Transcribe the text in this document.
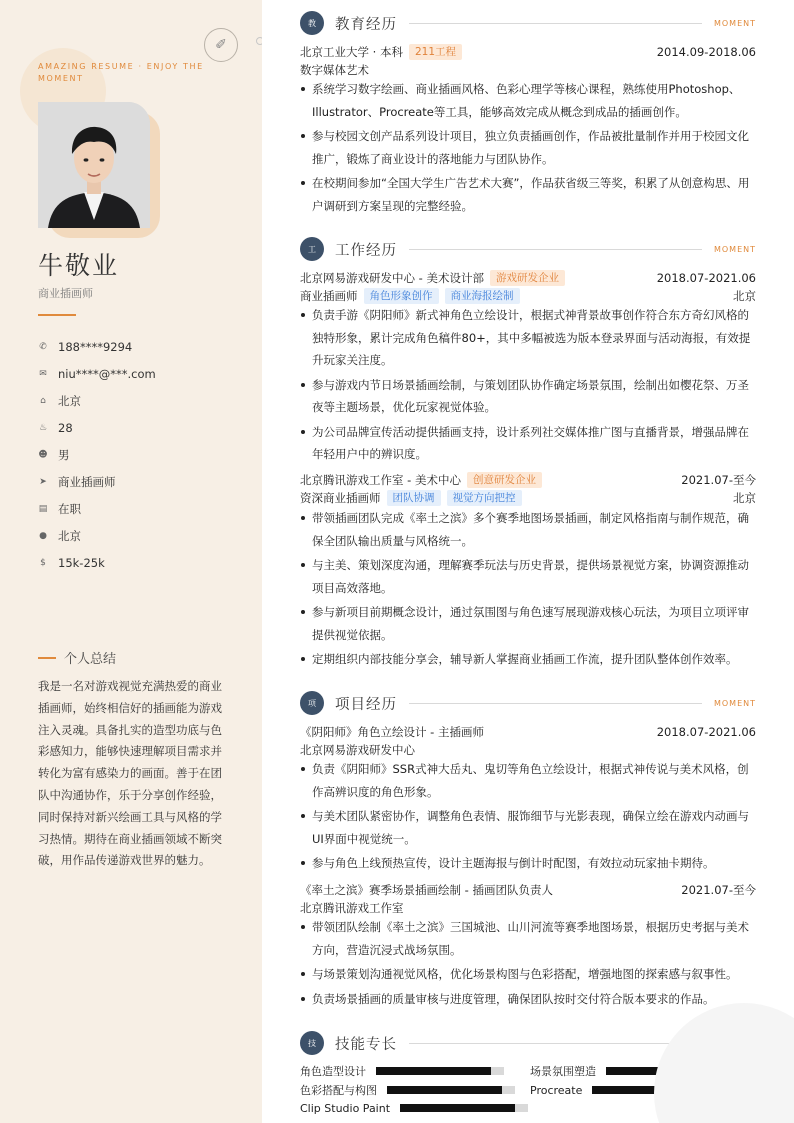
✐
AMAZING RESUME · ENJOY THE MOMENT
牛敬业
商业插画师
✆ 188****9294
✉ niu****@***.com
⌂ 北京
♨ 28
☻ 男
➤ 商业插画师
▤ 在职
● 北京
$ 15k-25k
个人总结
我是一名对游戏视觉充满热爱的商业插画师，始终相信好的插画能为游戏注入灵魂。具备扎实的造型功底与色彩感知力，能够快速理解项目需求并转化为富有感染力的画面。善于在团队中沟通协作，乐于分享创作经验，同时保持对新兴绘画工具与风格的学习热情。期待在商业插画领域不断突破，用作品传递游戏世界的魅力。
教	教育经历	MOMENT
北京工业大学 · 本科	211工程	2014.09-2018.06
数字媒体艺术
系统学习数字绘画、商业插画风格、色彩心理学等核心课程，熟练使用Photoshop、Illustrator、Procreate等工具，能够高效完成从概念到成品的插画创作。
参与校园文创产品系列设计项目，独立负责插画创作，作品被批量制作并用于校园文化推广，锻炼了商业设计的落地能力与团队协作。
在校期间参加“全国大学生广告艺术大赛”，作品获省级三等奖，积累了从创意构思、用户调研到方案呈现的完整经验。
工	工作经历	MOMENT
北京网易游戏研发中心 - 美术设计部	游戏研发企业	2018.07-2021.06
商业插画师	角色形象创作	商业海报绘制	北京
负责手游《阴阳师》新式神角色立绘设计，根据式神背景故事创作符合东方奇幻风格的独特形象，累计完成角色稿件80+，其中多幅被选为版本登录界面与活动海报，有效提升玩家关注度。
参与游戏内节日场景插画绘制，与策划团队协作确定场景氛围，绘制出如樱花祭、万圣夜等主题场景，优化玩家视觉体验。
为公司品牌宣传活动提供插画支持，设计系列社交媒体推广图与直播背景，增强品牌在年轻用户中的辨识度。
北京腾讯游戏工作室 - 美术中心	创意研发企业	2021.07-至今
资深商业插画师	团队协调	视觉方向把控	北京
带领插画团队完成《率土之滨》多个赛季地图场景插画，制定风格指南与制作规范，确保全团队输出质量与风格统一。
与主美、策划深度沟通，理解赛季玩法与历史背景，提供场景视觉方案，协调资源推动项目高效落地。
参与新项目前期概念设计，通过氛围图与角色速写展现游戏核心玩法，为项目立项评审提供视觉依据。
定期组织内部技能分享会，辅导新人掌握商业插画工作流，提升团队整体创作效率。
项	项目经历	MOMENT
《阴阳师》角色立绘设计 - 主插画师	2018.07-2021.06
北京网易游戏研发中心
负责《阴阳师》SSR式神大岳丸、鬼切等角色立绘设计，根据式神传说与美术风格，创作高辨识度的角色形象。
与美术团队紧密协作，调整角色表情、服饰细节与光影表现，确保立绘在游戏内动画与UI界面中视觉统一。
参与角色上线预热宣传，设计主题海报与倒计时配图，有效拉动玩家抽卡期待。
《率土之滨》赛季场景插画绘制 - 插画团队负责人	2021.07-至今
北京腾讯游戏工作室
带领团队绘制《率土之滨》三国城池、山川河流等赛季地图场景，根据历史考据与美术方向，营造沉浸式战场氛围。
与场景策划沟通视觉风格，优化场景构图与色彩搭配，增强地图的探索感与叙事性。
负责场景插画的质量审核与进度管理，确保团队按时交付符合版本要求的作品。
技	技能专长
角色造型设计	场景氛围塑造
色彩搭配与构图	Procreate
Clip Studio Paint
